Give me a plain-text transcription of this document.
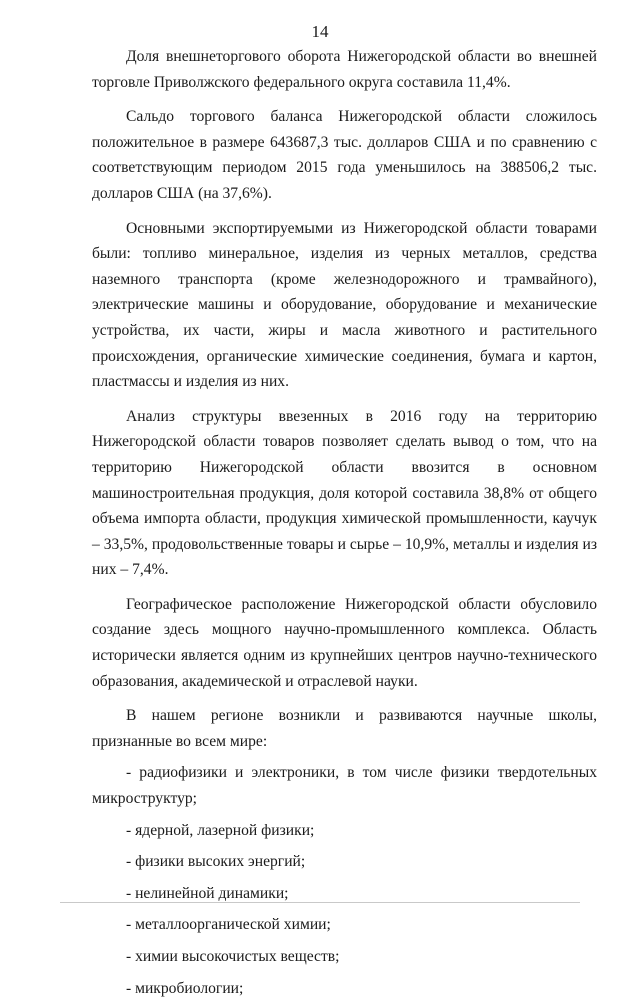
14

Доля внешнеторгового оборота Нижегородской области во внешней торговле Приволжского федерального округа составила 11,4%.

Сальдо торгового баланса Нижегородской области сложилось положительное в размере 643687,3 тыс. долларов США и по сравнению с соответствующим периодом 2015 года уменьшилось на 388506,2 тыс. долларов США (на 37,6%).

Основными экспортируемыми из Нижегородской области товарами были: топливо минеральное, изделия из черных металлов, средства наземного транспорта (кроме железнодорожного и трамвайного), электрические машины и оборудование, оборудование и механические устройства, их части, жиры и масла животного и растительного происхождения, органические химические соединения, бумага и картон, пластмассы и изделия из них.

Анализ структуры ввезенных в 2016 году на территорию Нижегородской области товаров позволяет сделать вывод о том, что на территорию Нижегородской области ввозится в основном машиностроительная продукция, доля которой составила 38,8% от общего объема импорта области, продукция химической промышленности, каучук – 33,5%, продовольственные товары и сырье – 10,9%, металлы и изделия из них – 7,4%.

Географическое расположение Нижегородской области обусловило создание здесь мощного научно-промышленного комплекса. Область исторически является одним из крупнейших центров научно-технического образования, академической и отраслевой науки.

В нашем регионе возникли и развиваются научные школы, признанные во всем мире:

- радиофизики и электроники, в том числе физики твердотельных микроструктур;
- ядерной, лазерной физики;
- физики высоких энергий;
- нелинейной динамики;
- металлоорганической химии;
- химии высокочистых веществ;
- микробиологии;
